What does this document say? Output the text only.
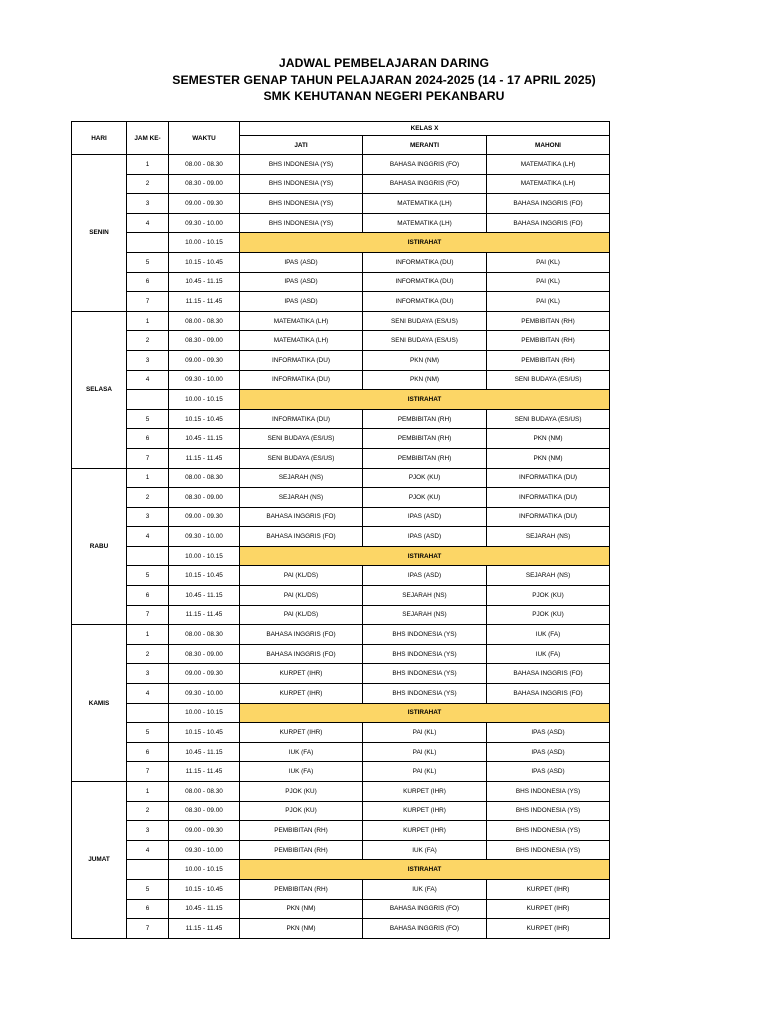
JADWAL PEMBELAJARAN DARING
SEMESTER GENAP TAHUN PELAJARAN 2024-2025 (14 - 17 APRIL 2025)
SMK KEHUTANAN NEGERI PEKANBARU
HARI	JAM KE-	WAKTU	KELAS X		
			JATI	MERANTI	MAHONI
SENIN	1	08.00 - 08.30	BHS INDONESIA (YS)	BAHASA INGGRIS (FO)	MATEMATIKA (LH)
	2	08.30 - 09.00	BHS INDONESIA (YS)	BAHASA INGGRIS (FO)	MATEMATIKA (LH)
	3	09.00 - 09.30	BHS INDONESIA (YS)	MATEMATIKA (LH)	BAHASA INGGRIS (FO)
	4	09.30 - 10.00	BHS INDONESIA (YS)	MATEMATIKA (LH)	BAHASA INGGRIS (FO)
		10.00 - 10.15	ISTIRAHAT		
	5	10.15 - 10.45	IPAS (ASD)	INFORMATIKA (DU)	PAI (KL)
	6	10.45 - 11.15	IPAS (ASD)	INFORMATIKA (DU)	PAI (KL)
	7	11.15 - 11.45	IPAS (ASD)	INFORMATIKA (DU)	PAI (KL)
SELASA	1	08.00 - 08.30	MATEMATIKA (LH)	SENI BUDAYA (ES/US)	PEMBIBITAN (RH)
	2	08.30 - 09.00	MATEMATIKA (LH)	SENI BUDAYA (ES/US)	PEMBIBITAN (RH)
	3	09.00 - 09.30	INFORMATIKA (DU)	PKN (NM)	PEMBIBITAN (RH)
	4	09.30 - 10.00	INFORMATIKA (DU)	PKN (NM)	SENI BUDAYA (ES/US)
		10.00 - 10.15	ISTIRAHAT		
	5	10.15 - 10.45	INFORMATIKA (DU)	PEMBIBITAN (RH)	SENI BUDAYA (ES/US)
	6	10.45 - 11.15	SENI BUDAYA (ES/US)	PEMBIBITAN (RH)	PKN (NM)
	7	11.15 - 11.45	SENI BUDAYA (ES/US)	PEMBIBITAN (RH)	PKN (NM)
RABU	1	08.00 - 08.30	SEJARAH (NS)	PJOK (KU)	INFORMATIKA (DU)
	2	08.30 - 09.00	SEJARAH (NS)	PJOK (KU)	INFORMATIKA (DU)
	3	09.00 - 09.30	BAHASA INGGRIS (FO)	IPAS (ASD)	INFORMATIKA (DU)
	4	09.30 - 10.00	BAHASA INGGRIS (FO)	IPAS (ASD)	SEJARAH (NS)
		10.00 - 10.15	ISTIRAHAT		
	5	10.15 - 10.45	PAI (KL/DS)	IPAS (ASD)	SEJARAH (NS)
	6	10.45 - 11.15	PAI (KL/DS)	SEJARAH (NS)	PJOK (KU)
	7	11.15 - 11.45	PAI (KL/DS)	SEJARAH (NS)	PJOK (KU)
KAMIS	1	08.00 - 08.30	BAHASA INGGRIS (FO)	BHS INDONESIA (YS)	IUK (FA)
	2	08.30 - 09.00	BAHASA INGGRIS (FO)	BHS INDONESIA (YS)	IUK (FA)
	3	09.00 - 09.30	KURPET (IHR)	BHS INDONESIA (YS)	BAHASA INGGRIS (FO)
	4	09.30 - 10.00	KURPET (IHR)	BHS INDONESIA (YS)	BAHASA INGGRIS (FO)
		10.00 - 10.15	ISTIRAHAT		
	5	10.15 - 10.45	KURPET (IHR)	PAI (KL)	IPAS (ASD)
	6	10.45 - 11.15	IUK (FA)	PAI (KL)	IPAS (ASD)
	7	11.15 - 11.45	IUK (FA)	PAI (KL)	IPAS (ASD)
JUMAT	1	08.00 - 08.30	PJOK (KU)	KURPET (IHR)	BHS INDONESIA (YS)
	2	08.30 - 09.00	PJOK (KU)	KURPET (IHR)	BHS INDONESIA (YS)
	3	09.00 - 09.30	PEMBIBITAN (RH)	KURPET (IHR)	BHS INDONESIA (YS)
	4	09.30 - 10.00	PEMBIBITAN (RH)	IUK (FA)	BHS INDONESIA (YS)
		10.00 - 10.15	ISTIRAHAT		
	5	10.15 - 10.45	PEMBIBITAN (RH)	IUK (FA)	KURPET (IHR)
	6	10.45 - 11.15	PKN (NM)	BAHASA INGGRIS (FO)	KURPET (IHR)
	7	11.15 - 11.45	PKN (NM)	BAHASA INGGRIS (FO)	KURPET (IHR)
